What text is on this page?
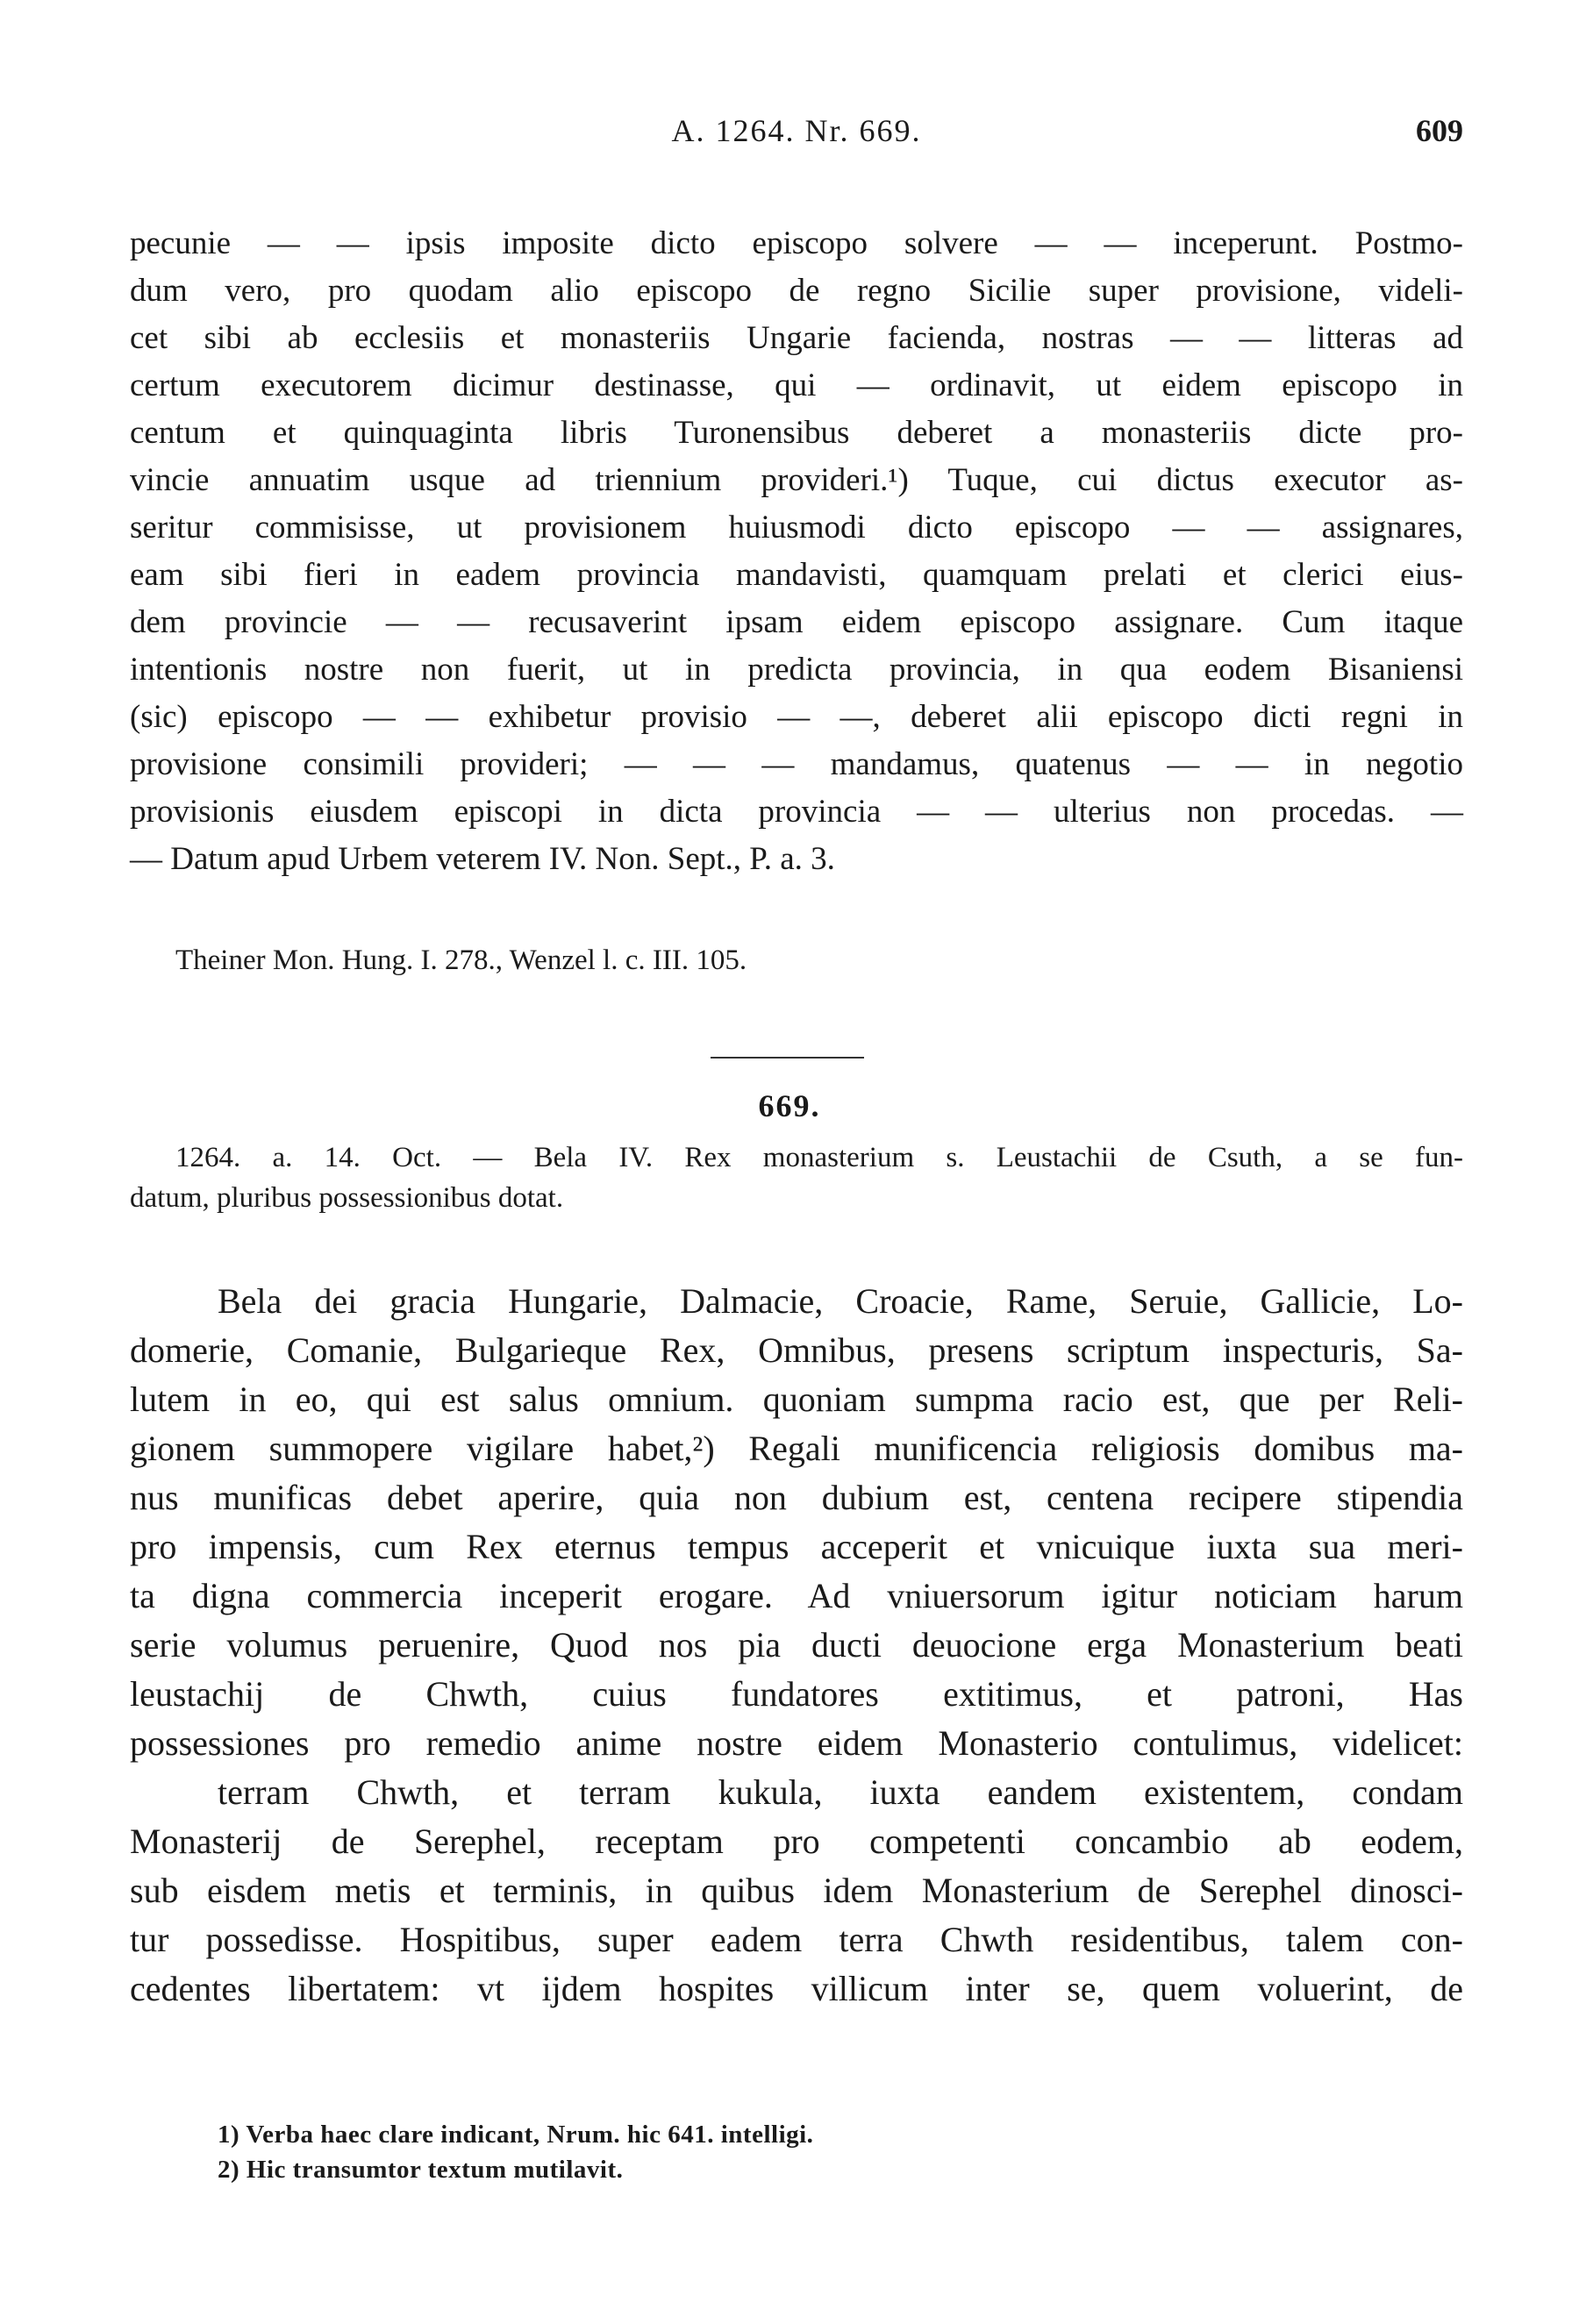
A. 1264. Nr. 669.	609
pecunie — — ipsis imposite dicto episcopo solvere — — inceperunt. Postmo-
dum vero, pro quodam alio episcopo de regno Sicilie super provisione, videli-
cet sibi ab ecclesiis et monasteriis Ungarie facienda, nostras — — litteras ad
certum executorem dicimur destinasse, qui — ordinavit, ut eidem episcopo in
centum et quinquaginta libris Turonensibus deberet a monasteriis dicte pro-
vincie annuatim usque ad triennium provideri.¹) Tuque, cui dictus executor as-
seritur commisisse, ut provisionem huiusmodi dicto episcopo — — assignares,
eam sibi fieri in eadem provincia mandavisti, quamquam prelati et clerici eius-
dem provincie — — recusaverint ipsam eidem episcopo assignare. Cum itaque
intentionis nostre non fuerit, ut in predicta provincia, in qua eodem Bisaniensi
(sic) episcopo — — exhibetur provisio — —, deberet alii episcopo dicti regni in
provisione consimili provideri; — — — mandamus, quatenus — — in negotio
provisionis eiusdem episcopi in dicta provincia — — ulterius non procedas. —
— Datum apud Urbem veterem IV. Non. Sept., P. a. 3.
Theiner Mon. Hung. I. 278., Wenzel l. c. III. 105.
669.
1264. a. 14. Oct. — Bela IV. Rex monasterium s. Leustachii de Csuth, a se fun-
datum, pluribus possessionibus dotat.
Bela dei gracia Hungarie, Dalmacie, Croacie, Rame, Seruie, Gallicie, Lo-
domerie, Comanie, Bulgarieque Rex, Omnibus, presens scriptum inspecturis, Sa-
lutem in eo, qui est salus omnium. quoniam sumpma racio est, que per Reli-
gionem summopere vigilare habet,²) Regali munificencia religiosis domibus ma-
nus munificas debet aperire, quia non dubium est, centena recipere stipendia
pro impensis, cum Rex eternus tempus acceperit et vnicuique iuxta sua meri-
ta digna commercia inceperit erogare. Ad vniuersorum igitur noticiam harum
serie volumus peruenire, Quod nos pia ducti deuocione erga Monasterium beati
leustachij de Chwth, cuius fundatores extitimus, et patroni, Has
possessiones pro remedio anime nostre eidem Monasterio contulimus, videlicet:
terram Chwth, et terram kukula, iuxta eandem existentem, condam
Monasterij de Serephel, receptam pro competenti concambio ab eodem,
sub eisdem metis et terminis, in quibus idem Monasterium de Serephel dinosci-
tur possedisse. Hospitibus, super eadem terra Chwth residentibus, talem con-
cedentes libertatem: vt ijdem hospites villicum inter se, quem voluerint, de
1) Verba haec clare indicant, Nrum. hic 641. intelligi.
2) Hic transumtor textum mutilavit.
